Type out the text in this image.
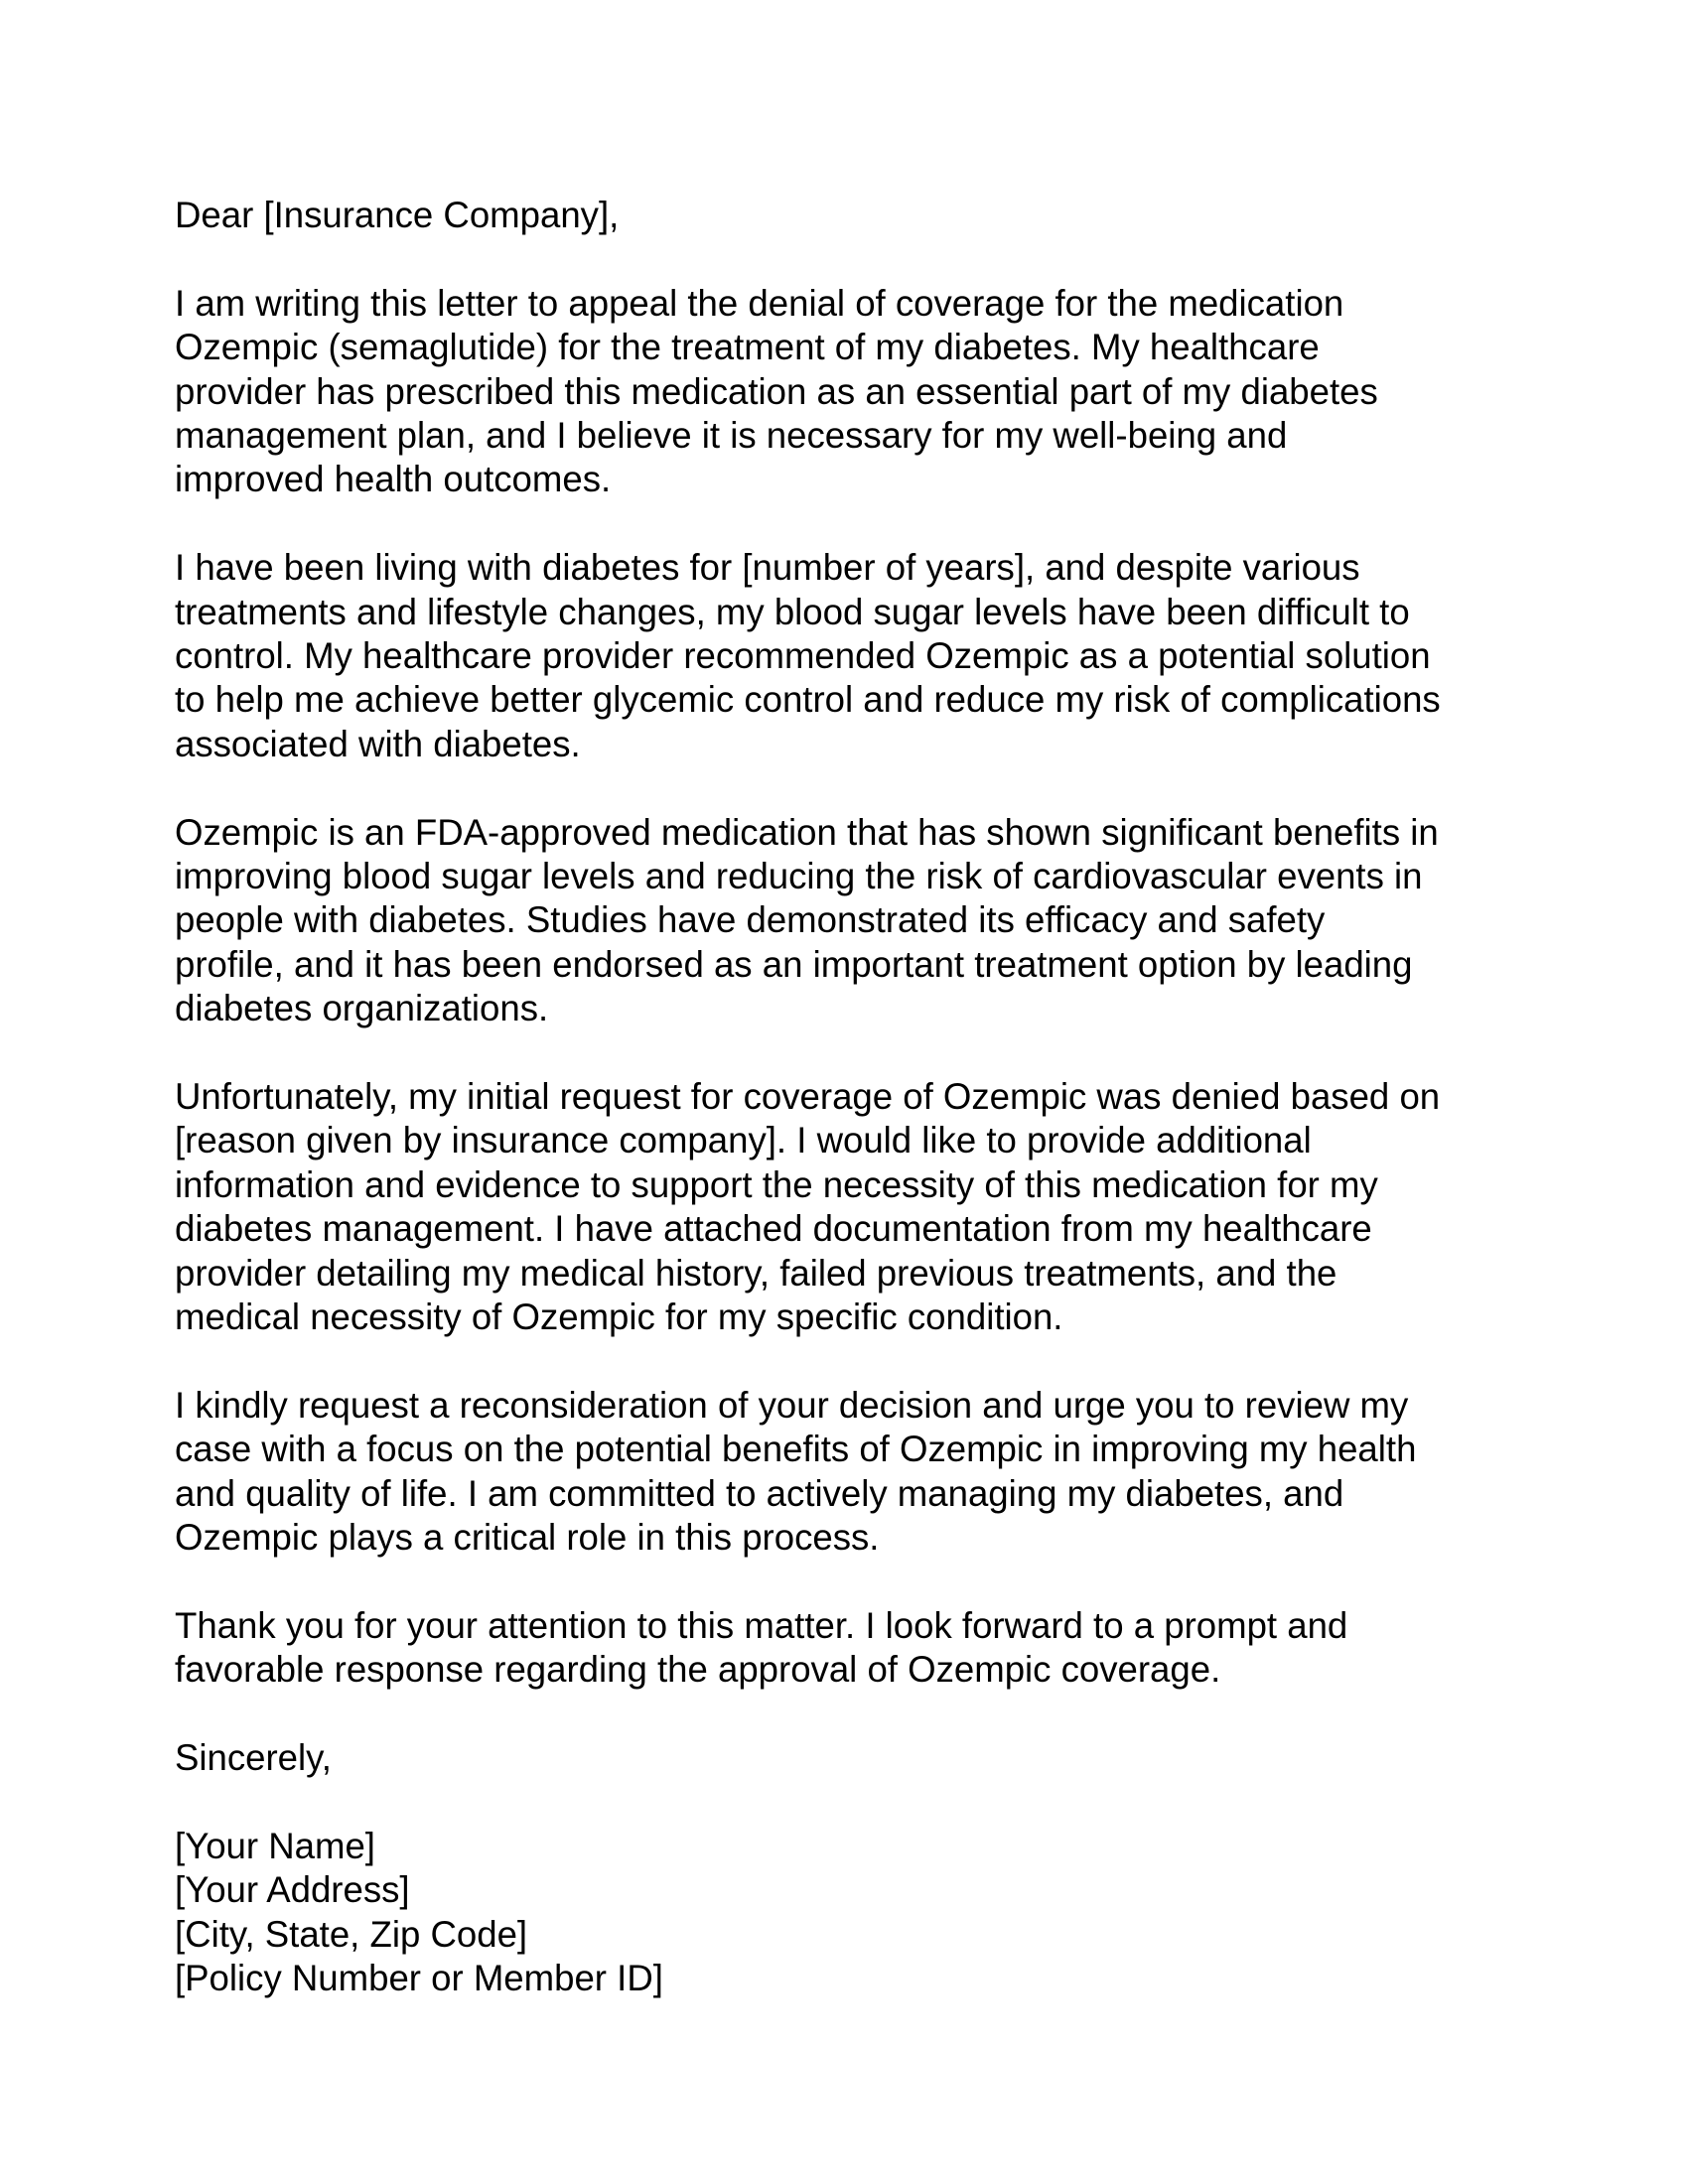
Dear [Insurance Company],

I am writing this letter to appeal the denial of coverage for the medication
Ozempic (semaglutide) for the treatment of my diabetes. My healthcare
provider has prescribed this medication as an essential part of my diabetes
management plan, and I believe it is necessary for my well-being and
improved health outcomes.

I have been living with diabetes for [number of years], and despite various
treatments and lifestyle changes, my blood sugar levels have been difficult to
control. My healthcare provider recommended Ozempic as a potential solution
to help me achieve better glycemic control and reduce my risk of complications
associated with diabetes.

Ozempic is an FDA-approved medication that has shown significant benefits in
improving blood sugar levels and reducing the risk of cardiovascular events in
people with diabetes. Studies have demonstrated its efficacy and safety
profile, and it has been endorsed as an important treatment option by leading
diabetes organizations.

Unfortunately, my initial request for coverage of Ozempic was denied based on
[reason given by insurance company]. I would like to provide additional
information and evidence to support the necessity of this medication for my
diabetes management. I have attached documentation from my healthcare
provider detailing my medical history, failed previous treatments, and the
medical necessity of Ozempic for my specific condition.

I kindly request a reconsideration of your decision and urge you to review my
case with a focus on the potential benefits of Ozempic in improving my health
and quality of life. I am committed to actively managing my diabetes, and
Ozempic plays a critical role in this process.

Thank you for your attention to this matter. I look forward to a prompt and
favorable response regarding the approval of Ozempic coverage.

Sincerely,

[Your Name]
[Your Address]
[City, State, Zip Code]
[Policy Number or Member ID]
